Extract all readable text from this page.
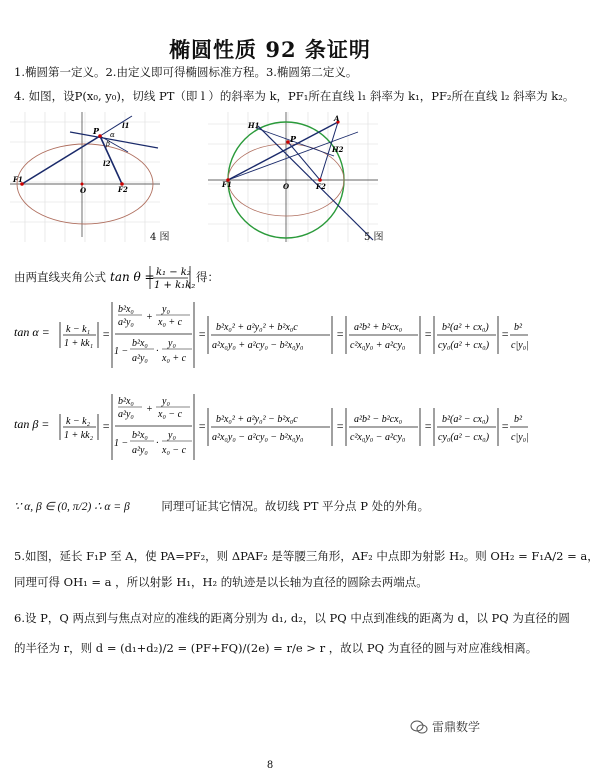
椭圆性质 92 条证明
1.椭圆第一定义。2.由定义即可得椭圆标准方程。3.椭圆第二定义。
4. 如图，设P(x₀, y₀)，切线 PT（即 l ）的斜率为 k，PF₁所在直线 l₁ 斜率为 k₁，PF₂所在直线 l₂ 斜率为 k₂。
P
F1
F2
O
l1
l2
α
β
4 图
P
H1
H2
A
F1	F2
O
5 图
由两直线夹角公式 tan θ = k₁ − k₂
1 + k₁k₂
得：
tan α = k − k₁
1 + kk₁
=
b²x₀
a²y₀ +
y₀
x₀ + c
1 −
b²x₀
a²y₀
·
y₀
x₀ + c
= b²x₀² + a²y₀² + b²x₀c
a²x₀y₀ + a²cy₀ − b²x₀y₀
= a²b² + b²cx₀
c²x₀y₀ + a²cy₀
= b²(a² + cx₀)
cy₀(a² + cx₀)
= b²
c|y₀|
tan β = k − k₂
1 + kk₂
=
b²x₀
a²y₀ +
y₀
x₀ − c
1 −
b²x₀
a²y₀
·
y₀
x₀ − c
= b²x₀² + a²y₀² − b²x₀c
a²x₀y₀ − a²cy₀ − b²x₀y₀
= a²b² − b²cx₀
c²x₀y₀ − a²cy₀
= b²(a² − cx₀)
cy₀(a² − cx₀)
= b²
c|y₀|
∵ α, β ∈ (0, π/2) ∴ α = β	同理可证其它情况。故切线 PT 平分点 P 处的外角。
5.如图，延长 F₁P 至 A，使 PA=PF₂，则 ΔPAF₂ 是等腰三角形，AF₂ 中点即为射影 H₂。则 OH₂ = F₁A/2 = a，
同理可得 OH₁ = a ，所以射影 H₁，H₂ 的轨迹是以长轴为直径的圆除去两端点。
6.设 P，Q 两点到与焦点对应的准线的距离分别为 d₁, d₂，以 PQ 中点到准线的距离为 d，以 PQ 为直径的圆
的半径为 r，则 d = (d₁+d₂)/2 = (PF+FQ)/(2e) = r/e > r ，故以 PQ 为直径的圆与对应准线相离。
雷鼎数学
8
